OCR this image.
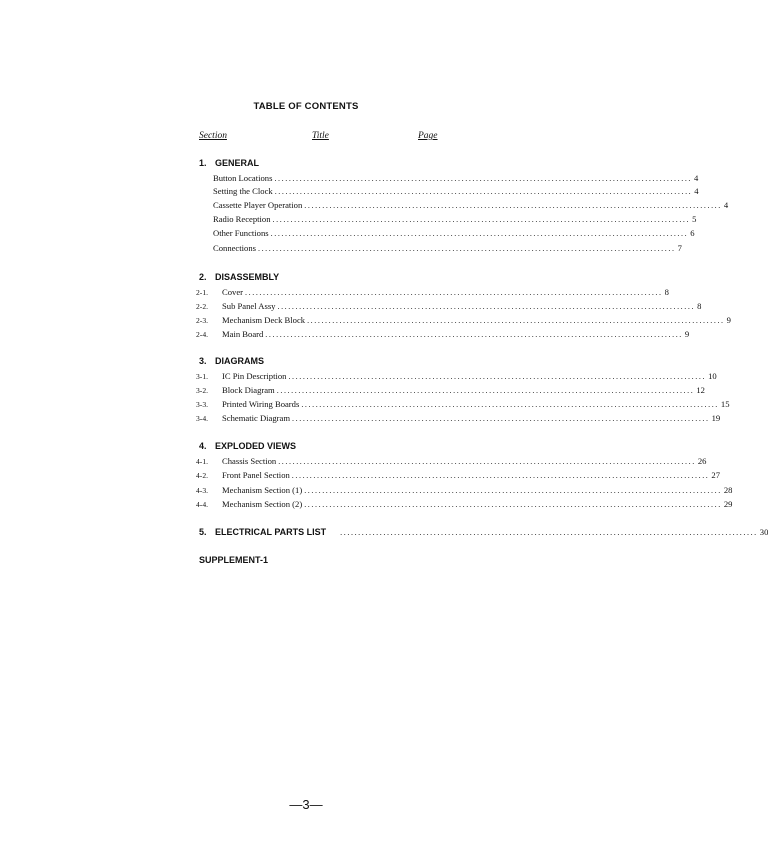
TABLE OF CONTENTS
Section	Title	Page
1. GENERAL
Button Locations .................................................................................................................... 4
Setting the Clock .................................................................................................................... 4
Cassette Player Operation .................................................................................................................... 4
Radio Reception .................................................................................................................... 5
Other Functions .................................................................................................................... 6
Connections .................................................................................................................... 7
2. DISASSEMBLY
2-1.	Cover .................................................................................................................... 8
2-2.	Sub Panel Assy .................................................................................................................... 8
2-3.	Mechanism Deck Block .................................................................................................................... 9
2-4.	Main Board .................................................................................................................... 9
3. DIAGRAMS
3-1.	IC Pin Description .................................................................................................................... 10
3-2.	Block Diagram .................................................................................................................... 12
3-3.	Printed Wiring Boards .................................................................................................................... 15
3-4.	Schematic Diagram .................................................................................................................... 19
4. EXPLODED VIEWS
4-1.	Chassis Section .................................................................................................................... 26
4-2.	Front Panel Section .................................................................................................................... 27
4-3.	Mechanism Section (1) .................................................................................................................... 28
4-4.	Mechanism Section (2) .................................................................................................................... 29
5. ELECTRICAL PARTS LIST .................................................................................................................... 30
SUPPLEMENT-1
—3—
